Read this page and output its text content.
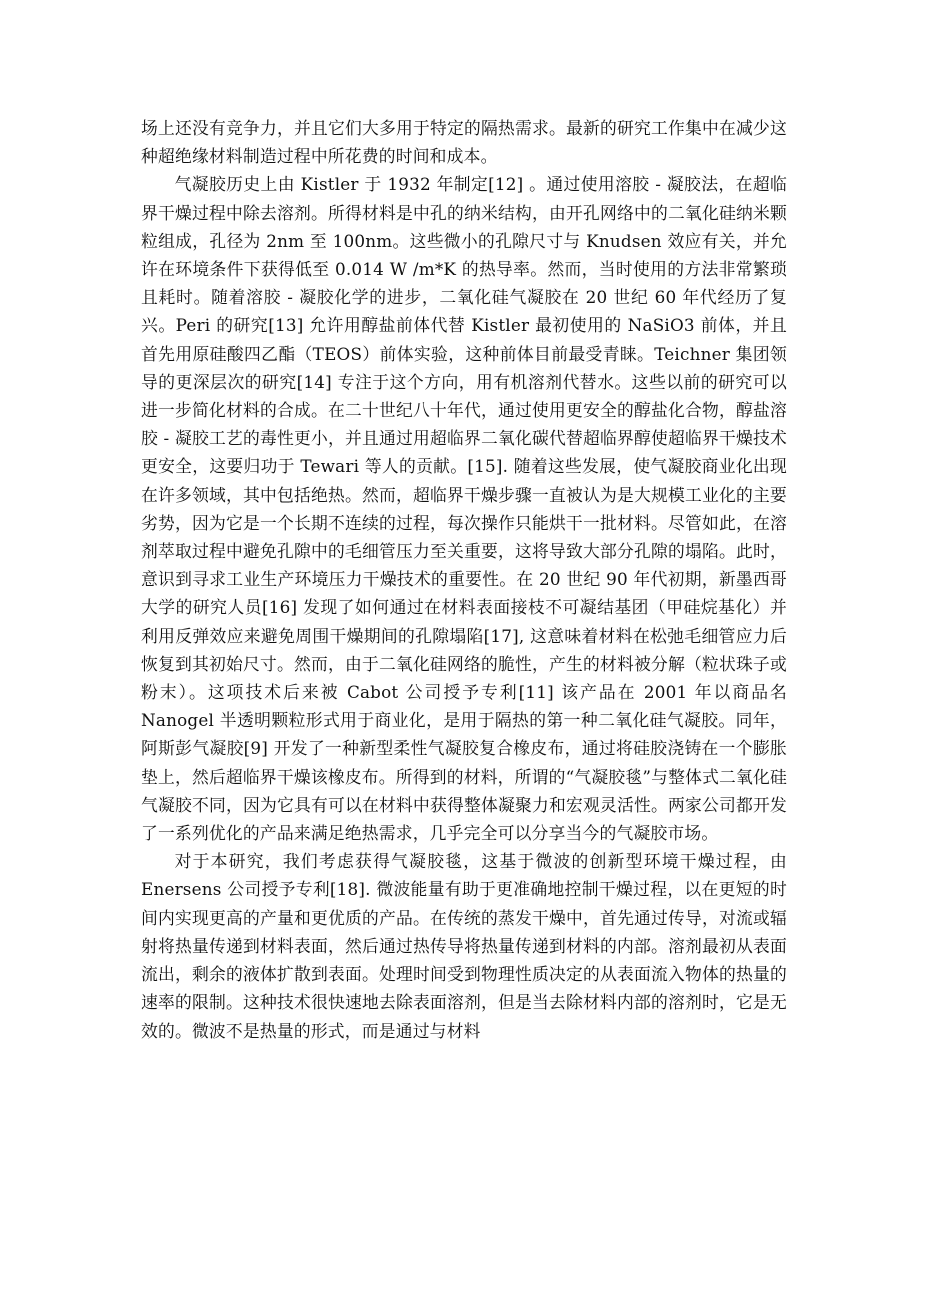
场上还没有竞争力，并且它们大多用于特定的隔热需求。最新的研究工作集中在减少这种超绝缘材料制造过程中所花费的时间和成本。

气凝胶历史上由 Kistler 于 1932 年制定[12] 。通过使用溶胶 - 凝胶法，在超临界干燥过程中除去溶剂。所得材料是中孔的纳米结构，由开孔网络中的二氧化硅纳米颗粒组成，孔径为 2nm 至 100nm。这些微小的孔隙尺寸与 Knudsen 效应有关，并允许在环境条件下获得低至 0.014 W /m*K 的热导率。然而，当时使用的方法非常繁琐且耗时。随着溶胶 - 凝胶化学的进步，二氧化硅气凝胶在 20 世纪 60 年代经历了复兴。Peri 的研究[13] 允许用醇盐前体代替 Kistler 最初使用的 NaSiO3 前体，并且首先用原硅酸四乙酯（TEOS）前体实验，这种前体目前最受青睐。Teichner 集团领导的更深层次的研究[14] 专注于这个方向，用有机溶剂代替水。这些以前的研究可以进一步简化材料的合成。在二十世纪八十年代，通过使用更安全的醇盐化合物，醇盐溶胶 - 凝胶工艺的毒性更小，并且通过用超临界二氧化碳代替超临界醇使超临界干燥技术更安全，这要归功于 Tewari 等人的贡献。[15]. 随着这些发展，使气凝胶商业化出现在许多领域，其中包括绝热。然而，超临界干燥步骤一直被认为是大规模工业化的主要劣势，因为它是一个长期不连续的过程，每次操作只能烘干一批材料。尽管如此，在溶剂萃取过程中避免孔隙中的毛细管压力至关重要，这将导致大部分孔隙的塌陷。此时，意识到寻求工业生产环境压力干燥技术的重要性。在 20 世纪 90 年代初期，新墨西哥大学的研究人员[16] 发现了如何通过在材料表面接枝不可凝结基团（甲硅烷基化）并利用反弹效应来避免周围干燥期间的孔隙塌陷[17], 这意味着材料在松弛毛细管应力后恢复到其初始尺寸。然而，由于二氧化硅网络的脆性，产生的材料被分解（粒状珠子或粉末）。这项技术后来被 Cabot 公司授予专利[11] 该产品在 2001 年以商品名 Nanogel 半透明颗粒形式用于商业化，是用于隔热的第一种二氧化硅气凝胶。同年，阿斯彭气凝胶[9] 开发了一种新型柔性气凝胶复合橡皮布，通过将硅胶浇铸在一个膨胀垫上，然后超临界干燥该橡皮布。所得到的材料，所谓的“气凝胶毯”与整体式二氧化硅气凝胶不同，因为它具有可以在材料中获得整体凝聚力和宏观灵活性。两家公司都开发了一系列优化的产品来满足绝热需求，几乎完全可以分享当今的气凝胶市场。

对于本研究，我们考虑获得气凝胶毯，这基于微波的创新型环境干燥过程，由 Enersens 公司授予专利[18]. 微波能量有助于更准确地控制干燥过程，以在更短的时间内实现更高的产量和更优质的产品。在传统的蒸发干燥中，首先通过传导，对流或辐射将热量传递到材料表面，然后通过热传导将热量传递到材料的内部。溶剂最初从表面流出，剩余的液体扩散到表面。处理时间受到物理性质决定的从表面流入物体的热量的速率的限制。这种技术很快速地去除表面溶剂，但是当去除材料内部的溶剂时，它是无效的。微波不是热量的形式，而是通过与材料
